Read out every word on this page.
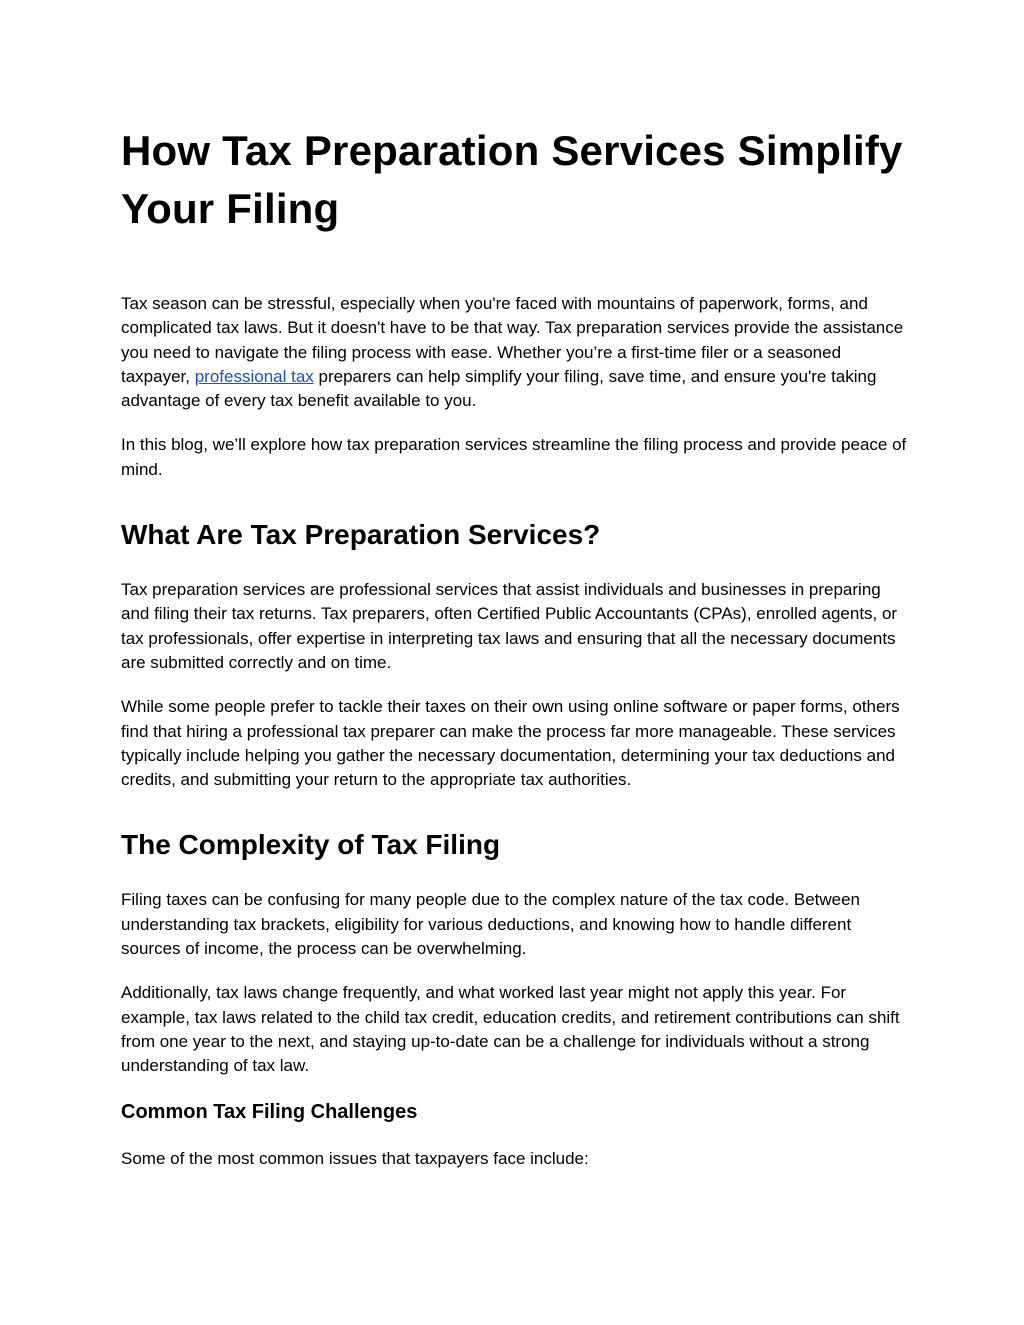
How Tax Preparation Services Simplify Your Filing

Tax season can be stressful, especially when you're faced with mountains of paperwork, forms, and complicated tax laws. But it doesn't have to be that way. Tax preparation services provide the assistance you need to navigate the filing process with ease. Whether you’re a first-time filer or a seasoned taxpayer, professional tax preparers can help simplify your filing, save time, and ensure you're taking advantage of every tax benefit available to you.

In this blog, we’ll explore how tax preparation services streamline the filing process and provide peace of mind.

What Are Tax Preparation Services?

Tax preparation services are professional services that assist individuals and businesses in preparing and filing their tax returns. Tax preparers, often Certified Public Accountants (CPAs), enrolled agents, or tax professionals, offer expertise in interpreting tax laws and ensuring that all the necessary documents are submitted correctly and on time.

While some people prefer to tackle their taxes on their own using online software or paper forms, others find that hiring a professional tax preparer can make the process far more manageable. These services typically include helping you gather the necessary documentation, determining your tax deductions and credits, and submitting your return to the appropriate tax authorities.

The Complexity of Tax Filing

Filing taxes can be confusing for many people due to the complex nature of the tax code. Between understanding tax brackets, eligibility for various deductions, and knowing how to handle different sources of income, the process can be overwhelming.

Additionally, tax laws change frequently, and what worked last year might not apply this year. For example, tax laws related to the child tax credit, education credits, and retirement contributions can shift from one year to the next, and staying up-to-date can be a challenge for individuals without a strong understanding of tax law.

Common Tax Filing Challenges

Some of the most common issues that taxpayers face include:
